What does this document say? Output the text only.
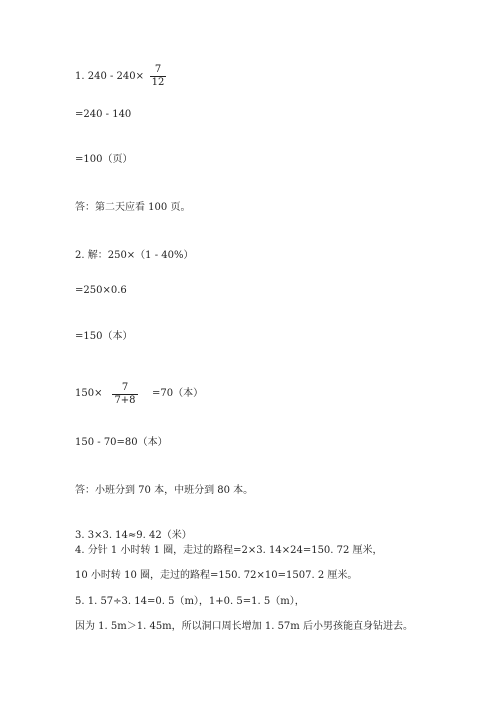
1. 240 - 240×
7
12
=240 - 140
=100（页）
答：第二天应看 100 页。
2. 解：250×（1 - 40%）
=250×0.6
=150（本）
150×
7
7+8
=70（本）
150 - 70=80（本）
答：小班分到 70 本，中班分到 80 本。
3. 3×3. 14≈9. 42（米）
4. 分针 1 小时转 1 圈，走过的路程=2×3. 14×24=150. 72 厘米，
10 小时转 10 圈，走过的路程=150. 72×10=1507. 2 厘米。
5. 1. 57÷3. 14=0. 5（m），1+0. 5=1. 5（m），
因为 1. 5m＞1. 45m，所以洞口周长增加 1. 57m 后小男孩能直身钻进去。
